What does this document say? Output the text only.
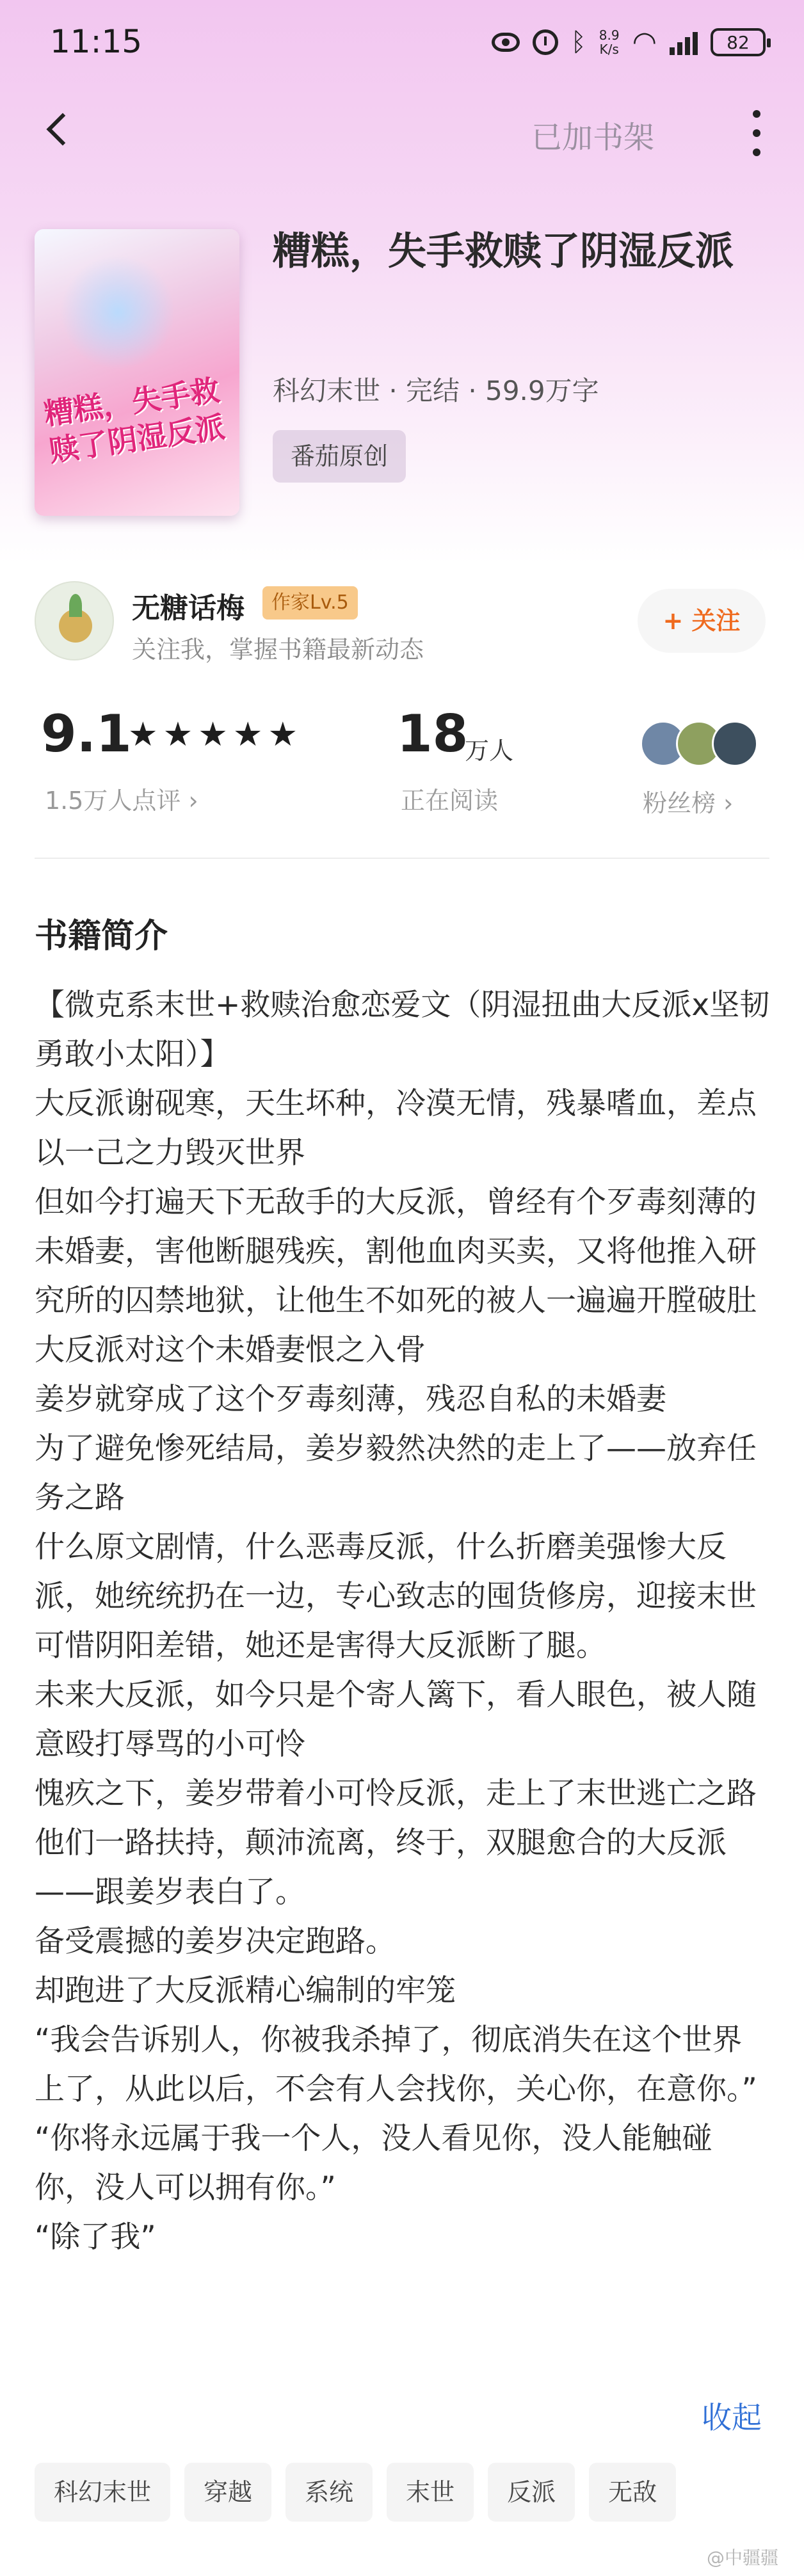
11:15	ᛒ 8.9
K/s ◠	82
已加书架
糟糕，失手救赎了阴湿反派
糟糕，失手救赎了阴湿反派
科幻末世 · 完结 · 59.9万字
番茄原创
无糖话梅	作家Lv.5
关注我，掌握书籍最新动态
+ 关注
9.1
★★★★★
1.5万人点评 ›
18
万人
正在阅读	粉丝榜 ›
书籍简介

【微克系末世+救赎治愈恋爱文（阴湿扭曲大反派x坚韧勇敢小太阳）】

大反派谢砚寒，天生坏种，冷漠无情，残暴嗜血，差点以一己之力毁灭世界

但如今打遍天下无敌手的大反派，曾经有个歹毒刻薄的未婚妻，害他断腿残疾，割他血肉买卖，又将他推入研究所的囚禁地狱，让他生不如死的被人一遍遍开膛破肚

大反派对这个未婚妻恨之入骨

姜岁就穿成了这个歹毒刻薄，残忍自私的未婚妻

为了避免惨死结局，姜岁毅然决然的走上了——放弃任务之路

什么原文剧情，什么恶毒反派，什么折磨美强惨大反派，她统统扔在一边，专心致志的囤货修房，迎接末世

可惜阴阳差错，她还是害得大反派断了腿。

未来大反派，如今只是个寄人篱下，看人眼色，被人随意殴打辱骂的小可怜

愧疚之下，姜岁带着小可怜反派，走上了末世逃亡之路

他们一路扶持，颠沛流离，终于，双腿愈合的大反派——跟姜岁表白了。

备受震撼的姜岁决定跑路。

却跑进了大反派精心编制的牢笼

“我会告诉别人，你被我杀掉了，彻底消失在这个世界上了，从此以后，不会有人会找你，关心你，在意你。”

“你将永远属于我一个人，没人看见你，没人能触碰你，没人可以拥有你。”

“除了我”

收起
科幻末世	穿越	系统	末世	反派	无敌
@中疆疆
